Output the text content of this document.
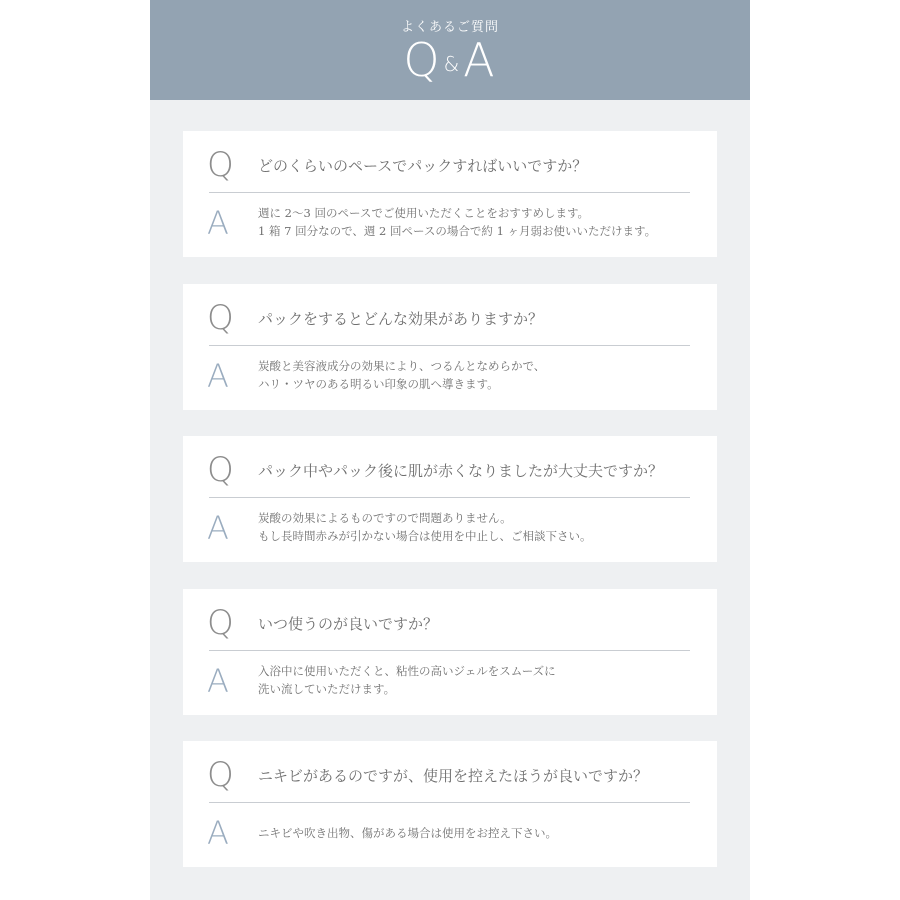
よくあるご質問
Q &A
Q	どのくらいのペースでパックすればいいですか？
A	週に 2〜3 回のペースでご使用いただくことをおすすめします。
1 箱 7 回分なので、週 2 回ペースの場合で約 1 ヶ月弱お使いいただけます。
Q	パックをするとどんな効果がありますか？
A	炭酸と美容液成分の効果により、つるんとなめらかで、
ハリ・ツヤのある明るい印象の肌へ導きます。
Q	パック中やパック後に肌が赤くなりましたが大丈夫ですか？
A	炭酸の効果によるものですので問題ありません。
もし長時間赤みが引かない場合は使用を中止し、ご相談下さい。
Q	いつ使うのが良いですか？
A	入浴中に使用いただくと、粘性の高いジェルをスムーズに
洗い流していただけます。
Q	ニキビがあるのですが、使用を控えたほうが良いですか？
A	ニキビや吹き出物、傷がある場合は使用をお控え下さい。
